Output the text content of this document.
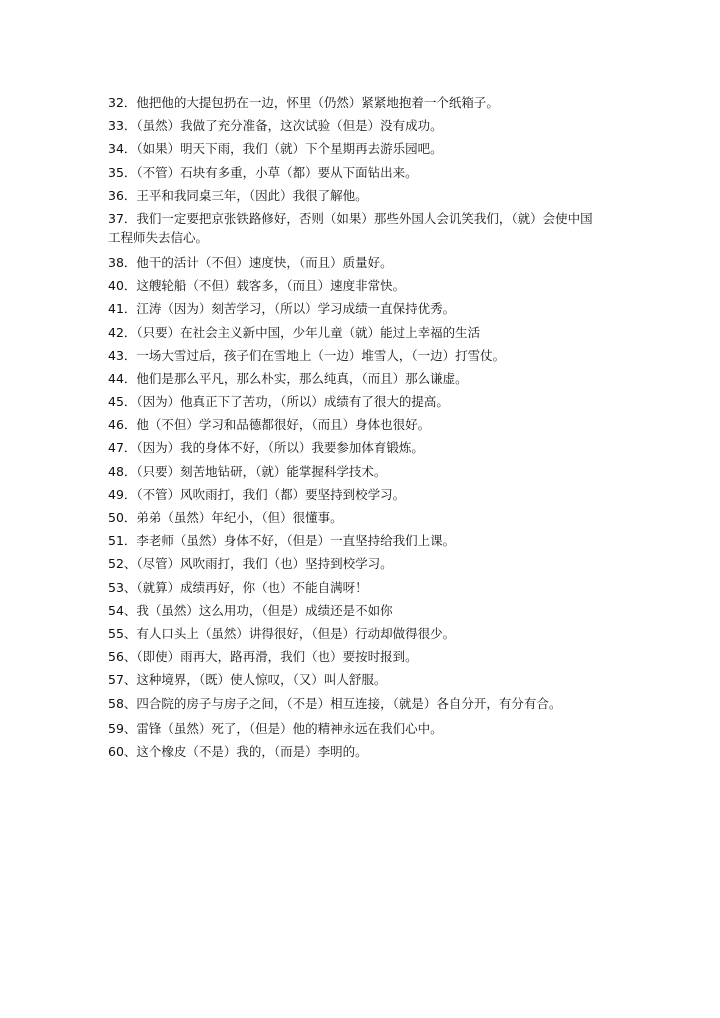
32．他把他的大提包扔在一边，怀里（仍然）紧紧地抱着一个纸箱子。
33．（虽然）我做了充分准备，这次试验（但是）没有成功。
34．（如果）明天下雨，我们（就）下个星期再去游乐园吧。
35．（不管）石块有多重，小草（都）要从下面钻出来。
36．王平和我同桌三年，（因此）我很了解他。
37．我们一定要把京张铁路修好，否则（如果）那些外国人会讥笑我们，（就）会使中国工程师失去信心。
38．他干的活计（不但）速度快，（而且）质量好。
40．这艘轮船（不但）载客多，（而且）速度非常快。
41．江涛（因为）刻苦学习，（所以）学习成绩一直保持优秀。
42．（只要）在社会主义新中国，少年儿童（就）能过上幸福的生活
43．一场大雪过后，孩子们在雪地上（一边）堆雪人，（一边）打雪仗。
44．他们是那么平凡，那么朴实，那么纯真，（而且）那么谦虚。
45．（因为）他真正下了苦功，（所以）成绩有了很大的提高。
46．他（不但）学习和品德都很好，（而且）身体也很好。
47．（因为）我的身体不好，（所以）我要参加体育锻炼。
48．（只要）刻苦地钻研，（就）能掌握科学技术。
49．（不管）风吹雨打，我们（都）要坚持到校学习。
50．弟弟（虽然）年纪小，（但）很懂事。
51．李老师（虽然）身体不好，（但是）一直坚持给我们上课。
52、（尽管）风吹雨打，我们（也）坚持到校学习。
53、（就算）成绩再好，你（也）不能自满呀！
54、我（虽然）这么用功，（但是）成绩还是不如你
55、有人口头上（虽然）讲得很好，（但是）行动却做得很少。
56、（即使）雨再大，路再滑，我们（也）要按时报到。
57、这种境界，（既）使人惊叹，（又）叫人舒服。
58、四合院的房子与房子之间，（不是）相互连接，（就是）各自分开，有分有合。
59、雷锋（虽然）死了，（但是）他的精神永远在我们心中。
60、这个橡皮（不是）我的，（而是）李明的。
